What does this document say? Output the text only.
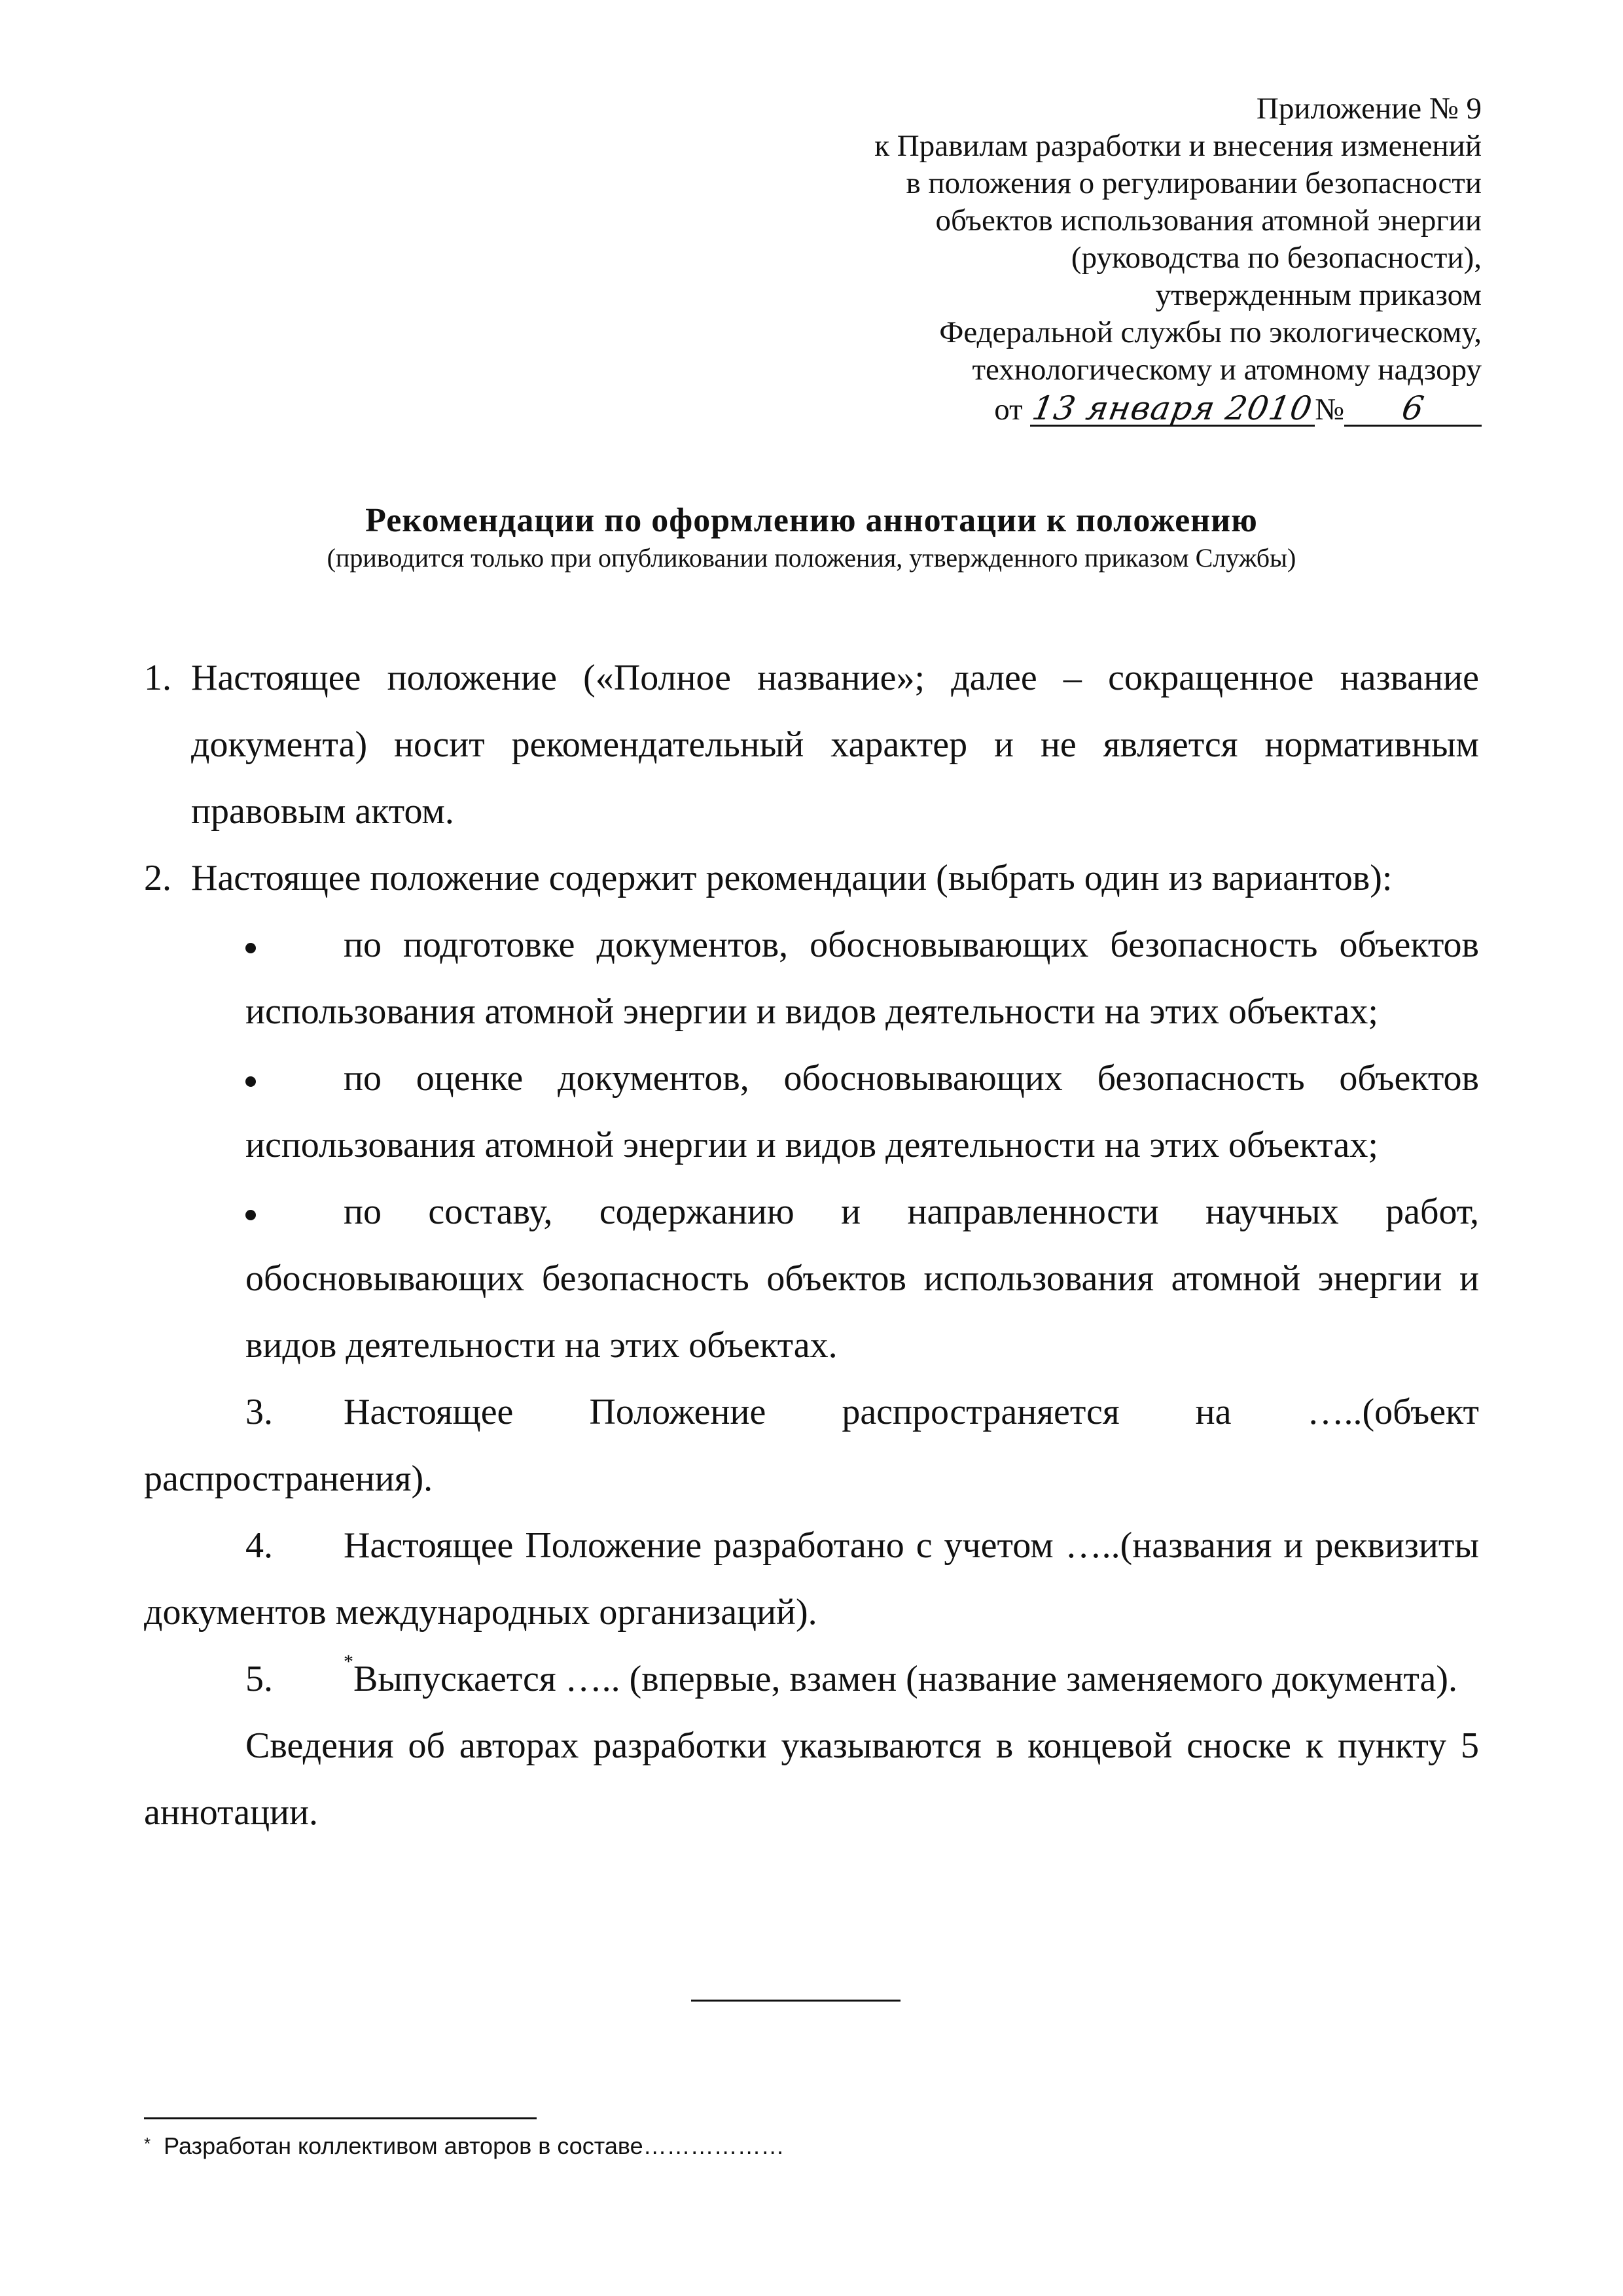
Приложение № 9
к Правилам разработки и внесения изменений
в положения о регулировании безопасности
объектов использования атомной энергии
(руководства по безопасности),
утвержденным приказом
Федеральной службы по экологическому,
технологическому и атомному надзору
от 13 января 2010№ 6
Рекомендации по оформлению аннотации к положению
(приводится только при опубликовании положения, утвержденного приказом Службы)
1. Настоящее положение («Полное название»; далее – сокращенное название документа) носит рекомендательный характер и не является нормативным правовым актом.
2. Настоящее положение содержит рекомендации (выбрать один из вариантов):
по подготовке документов, обосновывающих безопасность объектов использования атомной энергии и видов деятельности на этих объектах;
по оценке документов, обосновывающих безопасность объектов использования атомной энергии и видов деятельности на этих объектах;
по составу, содержанию и направленности научных работ, обосновывающих безопасность объектов использования атомной энергии и видов деятельности на этих объектах.
3. Настоящее Положение распространяется на …..(объект распространения).
4. Настоящее Положение разработано с учетом …..(названия и реквизиты документов международных организаций).
5.	*Выпускается ….. (впервые, взамен (название заменяемого документа).
Сведения об авторах разработки указываются в концевой сноске к пункту 5 аннотации.
* Разработан коллективом авторов в составе………………
